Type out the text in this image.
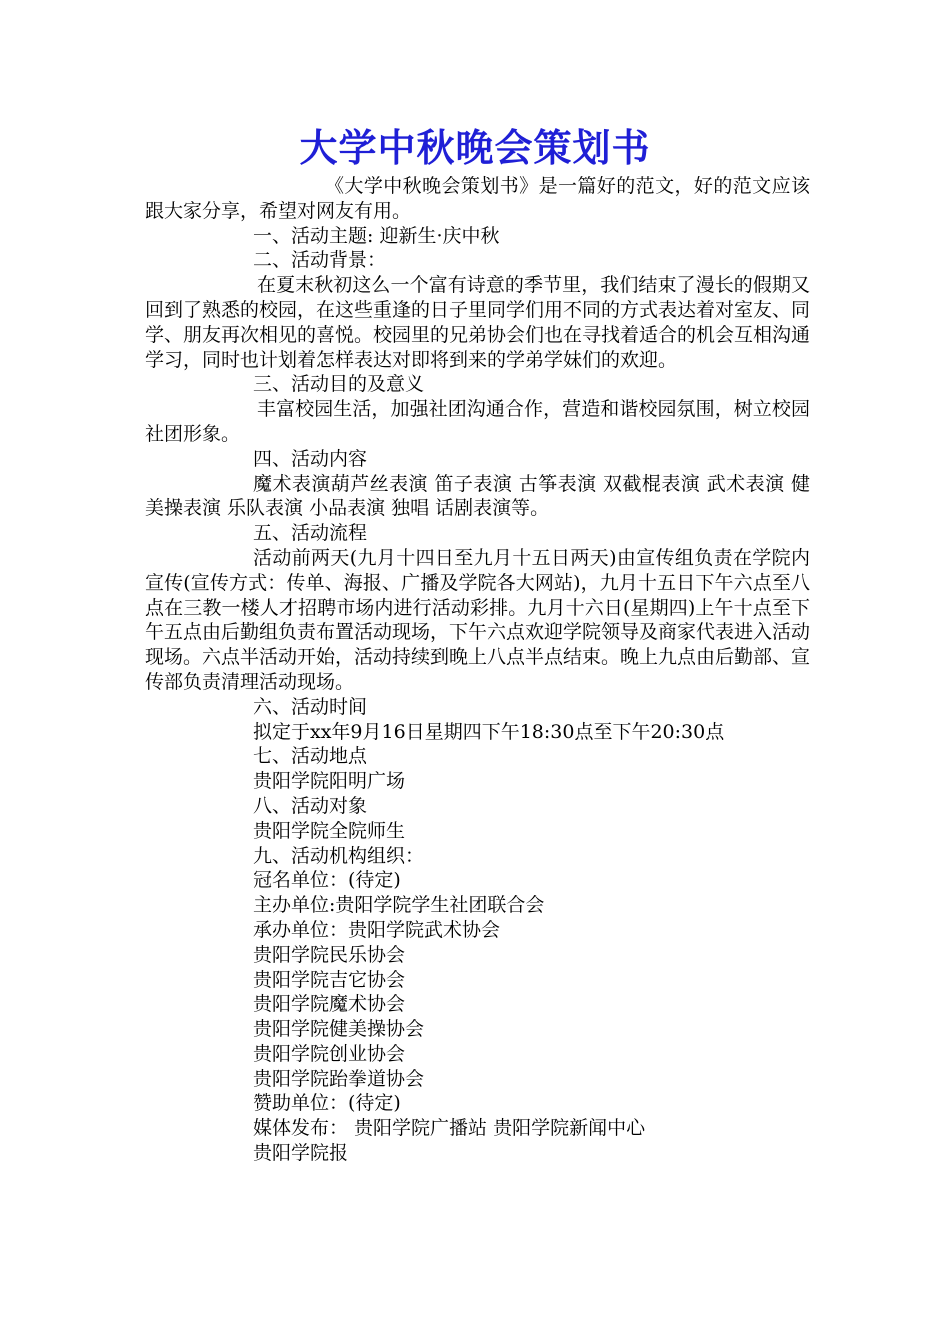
大学中秋晚会策划书

《大学中秋晚会策划书》是一篇好的范文，好的范文应该跟大家分享，希望对网友有用。

一、活动主题: 迎新生·庆中秋

二、活动背景：

在夏末秋初这么一个富有诗意的季节里，我们结束了漫长的假期又回到了熟悉的校园，在这些重逢的日子里同学们用不同的方式表达着对室友、同学、朋友再次相见的喜悦。校园里的兄弟协会们也在寻找着适合的机会互相沟通学习，同时也计划着怎样表达对即将到来的学弟学妹们的欢迎。

三、活动目的及意义

丰富校园生活，加强社团沟通合作，营造和谐校园氛围，树立校园社团形象。

四、活动内容

魔术表演葫芦丝表演 笛子表演 古筝表演 双截棍表演 武术表演 健美操表演 乐队表演 小品表演 独唱 话剧表演等。

五、活动流程

活动前两天(九月十四日至九月十五日两天)由宣传组负责在学院内宣传(宣传方式：传单、海报、广播及学院各大网站)，九月十五日下午六点至八点在三教一楼人才招聘市场内进行活动彩排。九月十六日(星期四)上午十点至下午五点由后勤组负责布置活动现场，下午六点欢迎学院领导及商家代表进入活动现场。六点半活动开始，活动持续到晚上八点半点结束。晚上九点由后勤部、宣传部负责清理活动现场。

六、活动时间

拟定于xx年9月16日星期四下午18:30点至下午20:30点

七、活动地点

贵阳学院阳明广场

八、活动对象

贵阳学院全院师生

九、活动机构组织：

冠名单位：(待定)

主办单位:贵阳学院学生社团联合会

承办单位：贵阳学院武术协会

贵阳学院民乐协会

贵阳学院吉它协会

贵阳学院魔术协会

贵阳学院健美操协会

贵阳学院创业协会

贵阳学院跆拳道协会

赞助单位：(待定)

媒体发布： 贵阳学院广播站 贵阳学院新闻中心

贵阳学院报
